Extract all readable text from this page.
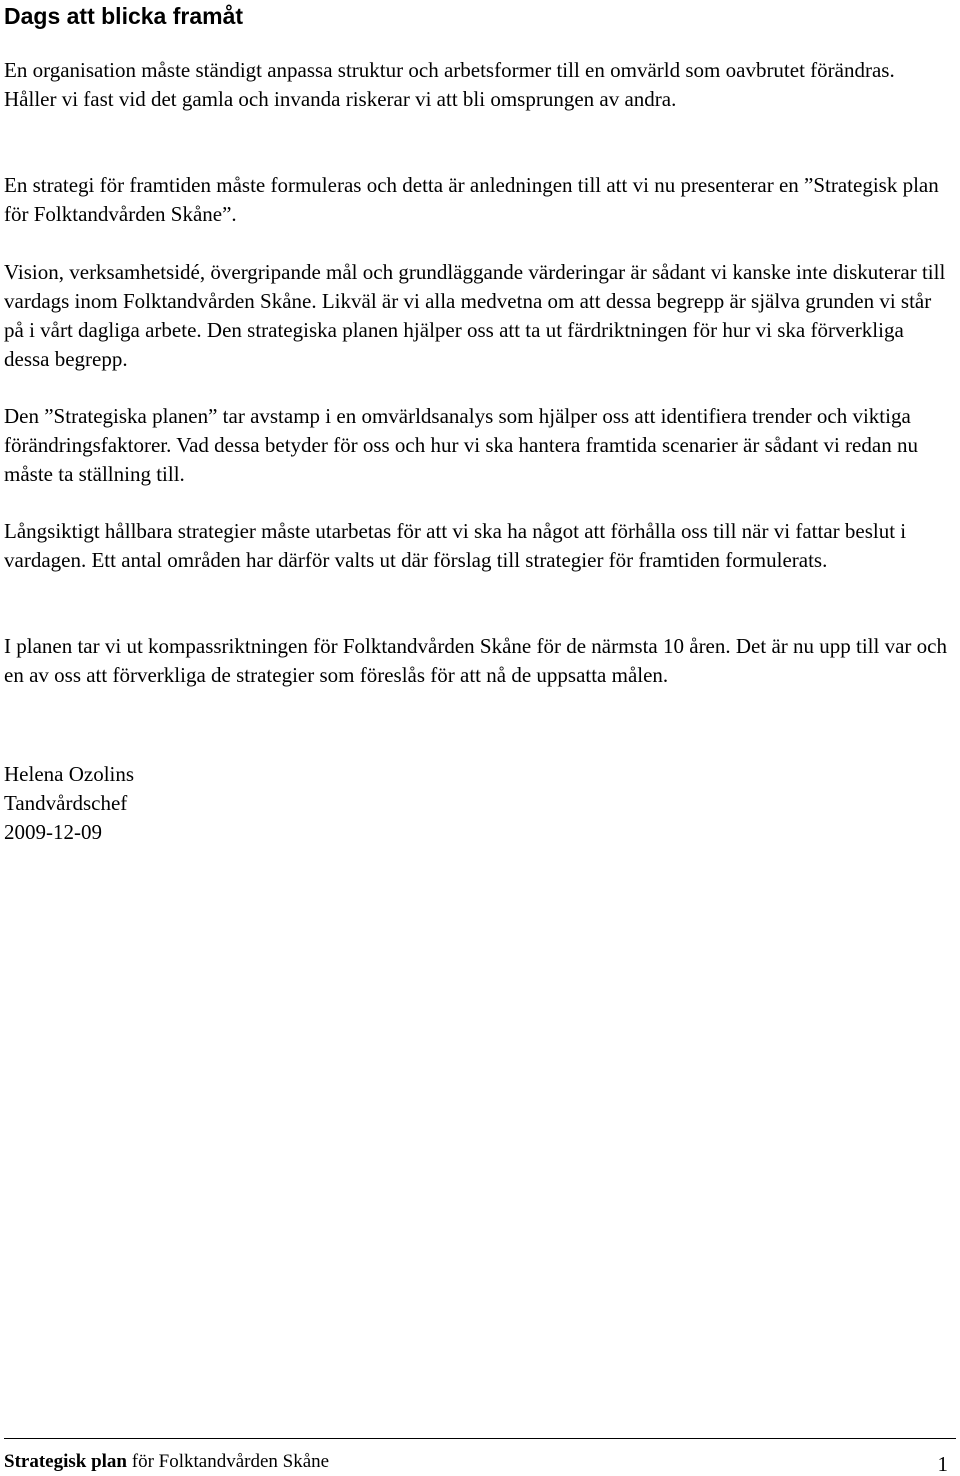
Dags att blicka framåt

En organisation måste ständigt anpassa struktur och arbetsformer till en omvärld som oavbrutet förändras. Håller vi fast vid det gamla och invanda riskerar vi att bli omsprungen av andra.

En strategi för framtiden måste formuleras och detta är anledningen till att vi nu presenterar en ”Strategisk plan för Folktandvården Skåne”.

Vision, verksamhetsidé, övergripande mål och grundläggande värderingar är sådant vi kanske inte diskuterar till vardags inom Folktandvården Skåne. Likväl är vi alla medvetna om att dessa begrepp är själva grunden vi står på i vårt dagliga arbete. Den strategiska planen hjälper oss att ta ut färdriktningen för hur vi ska förverkliga dessa begrepp.

Den ”Strategiska planen” tar avstamp i en omvärldsanalys som hjälper oss att identifiera trender och viktiga förändringsfaktorer. Vad dessa betyder för oss och hur vi ska hantera framtida scenarier är sådant vi redan nu måste ta ställning till.

Långsiktigt hållbara strategier måste utarbetas för att vi ska ha något att förhålla oss till när vi fattar beslut i vardagen. Ett antal områden har därför valts ut där förslag till strategier för framtiden formulerats.

I planen tar vi ut kompassriktningen för Folktandvården Skåne för de närmsta 10 åren. Det är nu upp till var och en av oss att förverkliga de strategier som föreslås för att nå de uppsatta målen.

Helena Ozolins
Tandvårdschef
2009-12-09
Strategisk plan för Folktandvården Skåne	1
